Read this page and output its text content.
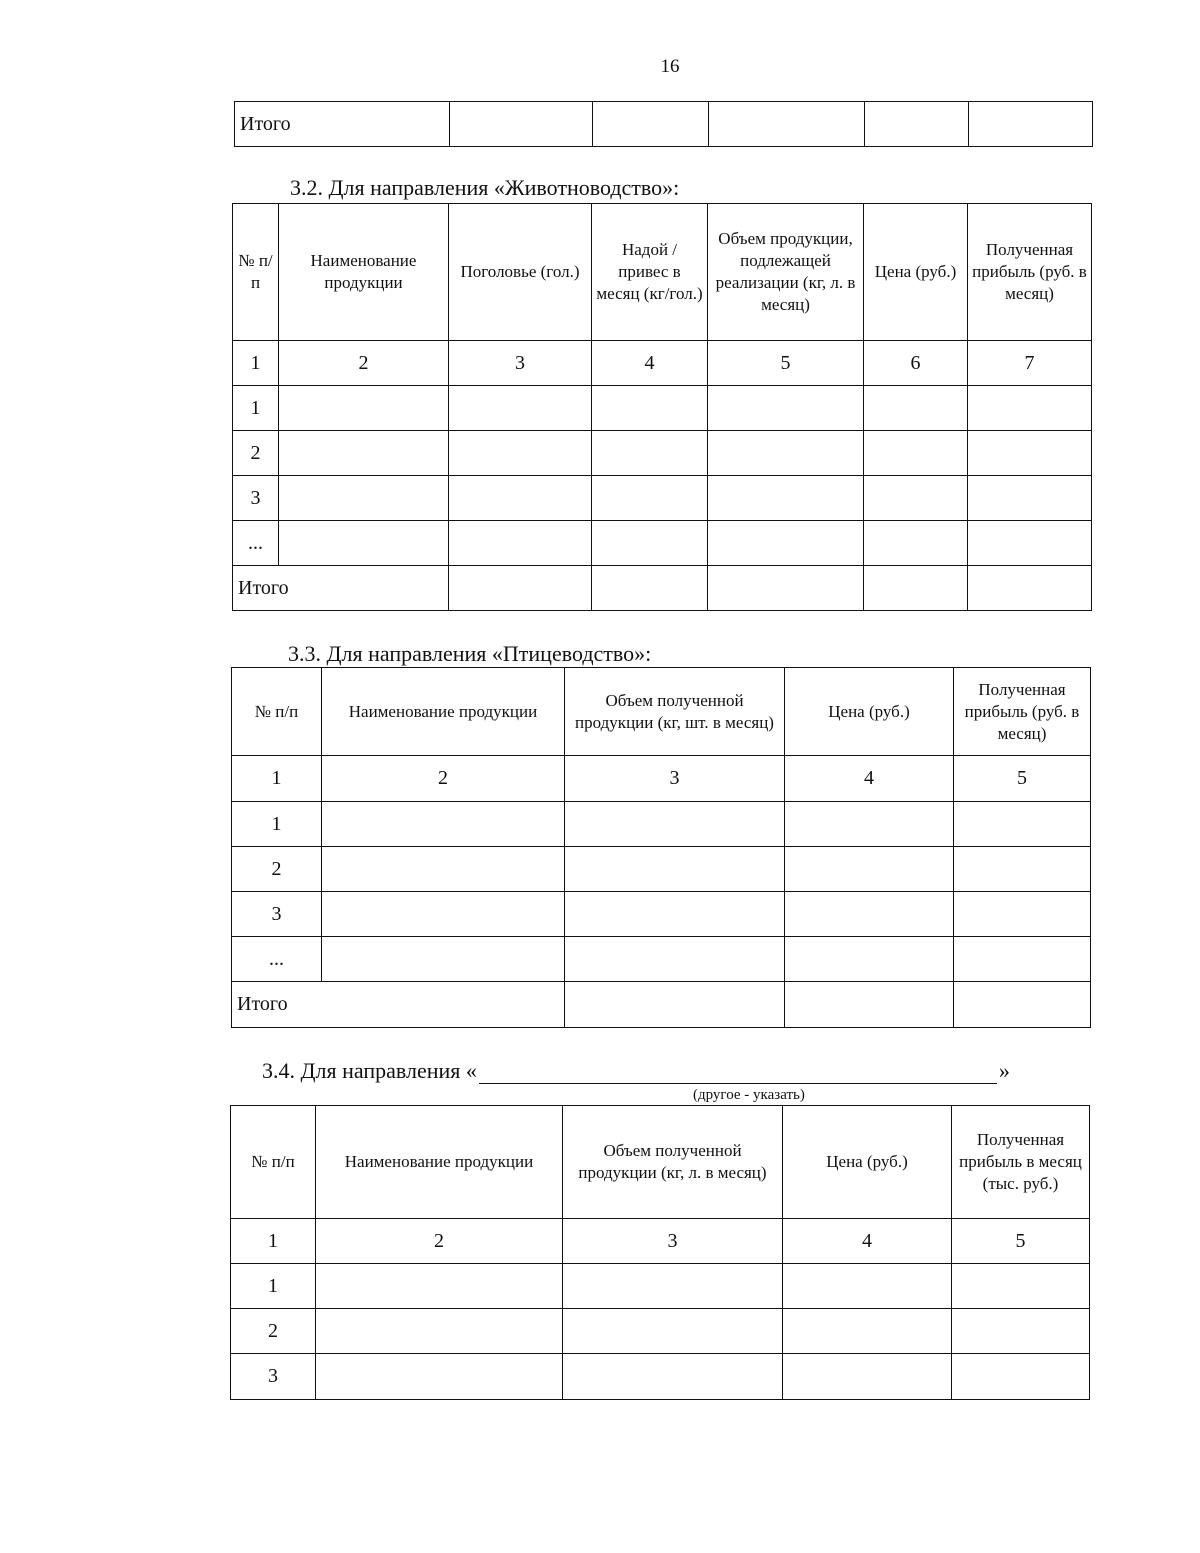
16
Итого					
3.2. Для направления «Животноводство»:
№ п/п	Наименование продукции	Поголовье (гол.)	Надой / привес в месяц (кг/гол.)	Объем продукции, подлежащей реализации (кг, л. в месяц)	Цена (руб.)	Полученная прибыль (руб. в месяц)
1	2	3	4	5	6	7
1						
2						
3						
...						
Итого						
3.3. Для направления «Птицеводство»:
№ п/п	Наименование продукции	Объем полученной продукции (кг, шт. в месяц)	Цена (руб.)	Полученная прибыль (руб. в месяц)
1	2	3	4	5
1				
2				
3				
...				
Итого				
3.4. Для направления «	»
(другое - указать)
№ п/п	Наименование продукции	Объем полученной продукции (кг, л. в месяц)	Цена (руб.)	Полученная прибыль в месяц (тыс. руб.)
1	2	3	4	5
1				
2				
3				
